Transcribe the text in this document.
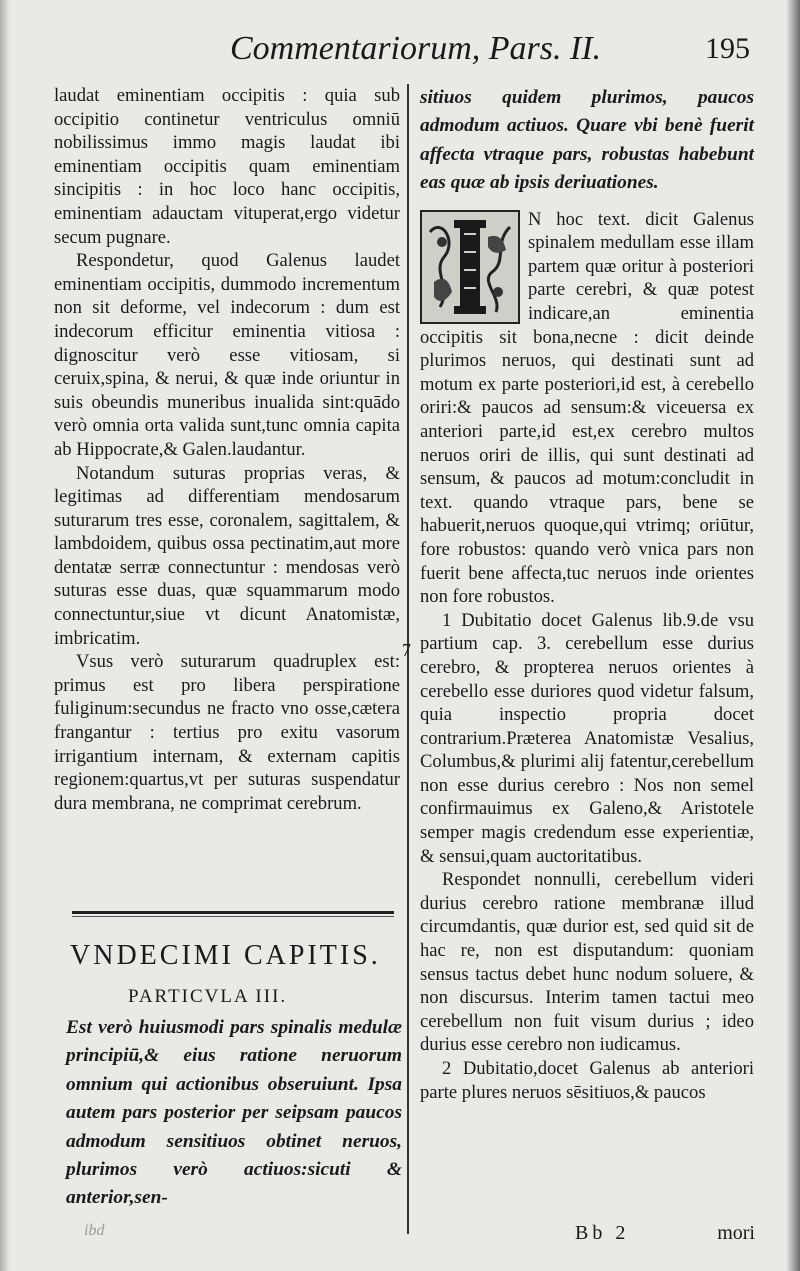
Commentariorum, Pars. II.	195

laudat eminentiam occipitis : quia sub occipitio continetur ventriculus omniū nobilissimus immo magis laudat ibi eminentiam occipitis quam eminentiam sincipitis : in hoc loco hanc occipitis, eminentiam adauctam vituperat,ergo videtur secum pugnare.

Respondetur, quod Galenus laudet eminentiam occipitis, dummodo incrementum non sit deforme, vel indecorum : dum est indecorum efficitur eminentia vitiosa : dignoscitur verò esse vitiosam, si ceruix,spina, & nerui, & quæ inde oriuntur in suis obeundis muneribus inualida sint:quādo verò omnia orta valida sunt,tunc omnia capita ab Hippocrate,& Galen.laudantur.

Notandum suturas proprias veras, & legitimas ad differentiam mendosarum suturarum tres esse, coronalem, sagittalem, & lambdoidem, quibus ossa pectinatim,aut more dentatæ serræ connectuntur : mendosas verò suturas esse duas, quæ squammarum modo connectuntur,siue vt dicunt Anatomistæ, imbricatim.

Vsus verò suturarum quadruplex est: primus est pro libera perspiratione fuliginum:secundus ne fracto vno osse,cætera frangantur : tertius pro exitu vasorum irrigantium internam, & externam capitis regionem:quartus,vt per suturas suspendatur dura membrana, ne comprimat cerebrum.

VNDECIMI CAPITIS.
PARTICVLA III.

Est verò huiusmodi pars spinalis medulæ principiū,& eius ratione neruorum omnium qui actionibus obseruiunt. Ipsa autem pars posterior per seipsam paucos admodum sensitiuos obtinet neruos, plurimos verò actiuos:sicuti & anterior,sen-

7

sitiuos quidem plurimos, paucos admodum actiuos. Quare vbi benè fuerit affecta vtraque pars, robustas habebunt eas quæ ab ipsis deriuationes.

N hoc text. dicit Galenus spinalem medullam esse illam partem quæ oritur à posteriori parte cerebri, & quæ potest indicare,an eminentia occipitis sit bona,necne : dicit deinde plurimos neruos, qui destinati sunt ad motum ex parte posteriori,id est, à cerebello oriri:& paucos ad sensum:& viceuersa ex anteriori parte,id est,ex cerebro multos neruos oriri de illis, qui sunt destinati ad sensum, & paucos ad motum:concludit in text. quando vtraque pars, bene se habuerit,neruos quoque,qui vtrimq; oriūtur, fore robustos: quando verò vnica pars non fuerit bene affecta,tuc neruos inde orientes non fore robustos.

1 Dubitatio docet Galenus lib.9.de vsu partium cap. 3. cerebellum esse durius cerebro, & propterea neruos orientes à cerebello esse duriores quod videtur falsum, quia inspectio propria docet contrarium.Præterea Anatomistæ Vesalius, Columbus,& plurimi alij fatentur,cerebellum non esse durius cerebro : Nos non semel confirmauimus ex Galeno,& Aristotele semper magis credendum esse experientiæ, & sensui,quam auctoritatibus.

Respondet nonnulli, cerebellum videri durius cerebro ratione membranæ illud circumdantis, quæ durior est, sed quid sit de hac re, non est disputandum: quoniam sensus tactus debet hunc nodum soluere, & non discursus. Interim tamen tactui meo cerebellum non fuit visum durius ; ideo durius esse cerebro non iudicamus.

2 Dubitatio,docet Galenus ab anteriori parte plures neruos sēsitiuos,& paucos

ibd	Bb 2	mori
